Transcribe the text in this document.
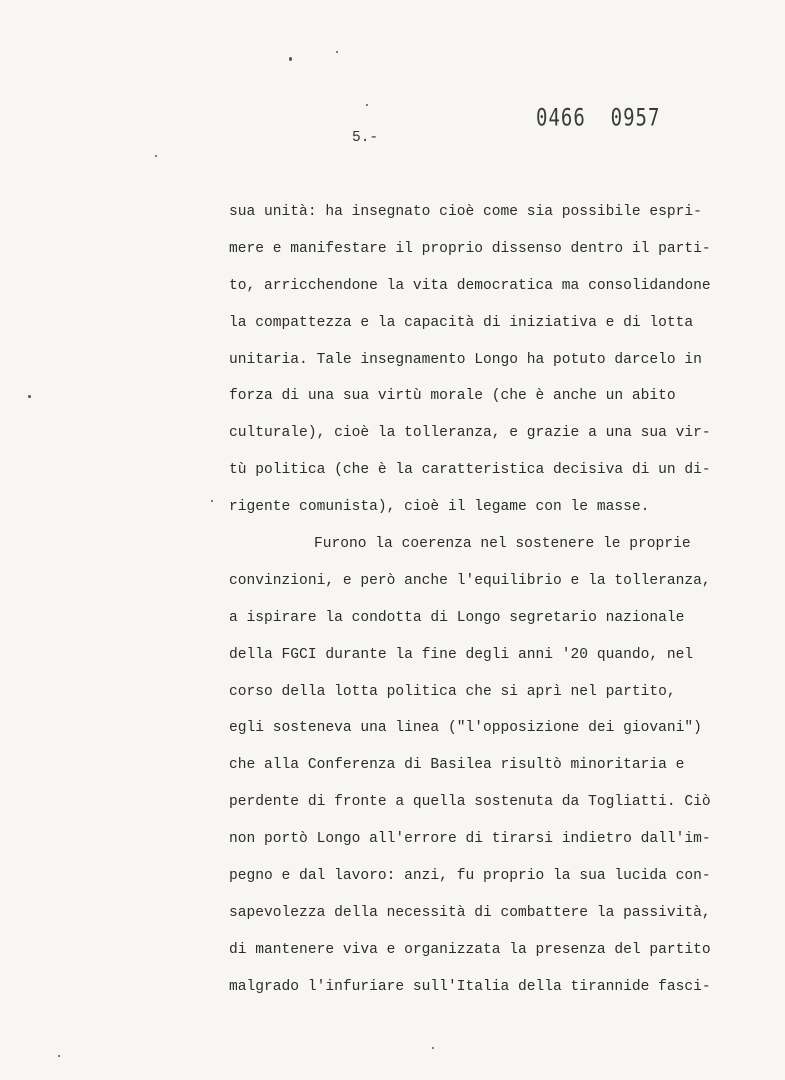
0466  0957
5.-
sua unità: ha insegnato cioè come sia possibile espri-
mere e manifestare il proprio dissenso dentro il parti-
to, arricchendone la vita democratica ma consolidandone
la compattezza e la capacità di iniziativa e di lotta
unitaria. Tale insegnamento Longo ha potuto darcelo in
forza di una sua virtù morale (che è anche un abito
culturale), cioè la tolleranza, e grazie a una sua vir-
tù politica (che è la caratteristica decisiva di un di-
rigente comunista), cioè il legame con le masse.
Furono la coerenza nel sostenere le proprie
convinzioni, e però anche l'equilibrio e la tolleranza,
a ispirare la condotta di Longo segretario nazionale
della FGCI durante la fine degli anni '20 quando, nel
corso della lotta politica che si aprì nel partito,
egli sosteneva una linea ("l'opposizione dei giovani")
che alla Conferenza di Basilea risultò minoritaria e
perdente di fronte a quella sostenuta da Togliatti. Ciò
non portò Longo all'errore di tirarsi indietro dall'im-
pegno e dal lavoro: anzi, fu proprio la sua lucida con-
sapevolezza della necessità di combattere la passività,
di mantenere viva e organizzata la presenza del partito
malgrado l'infuriare sull'Italia della tirannide fasci-
